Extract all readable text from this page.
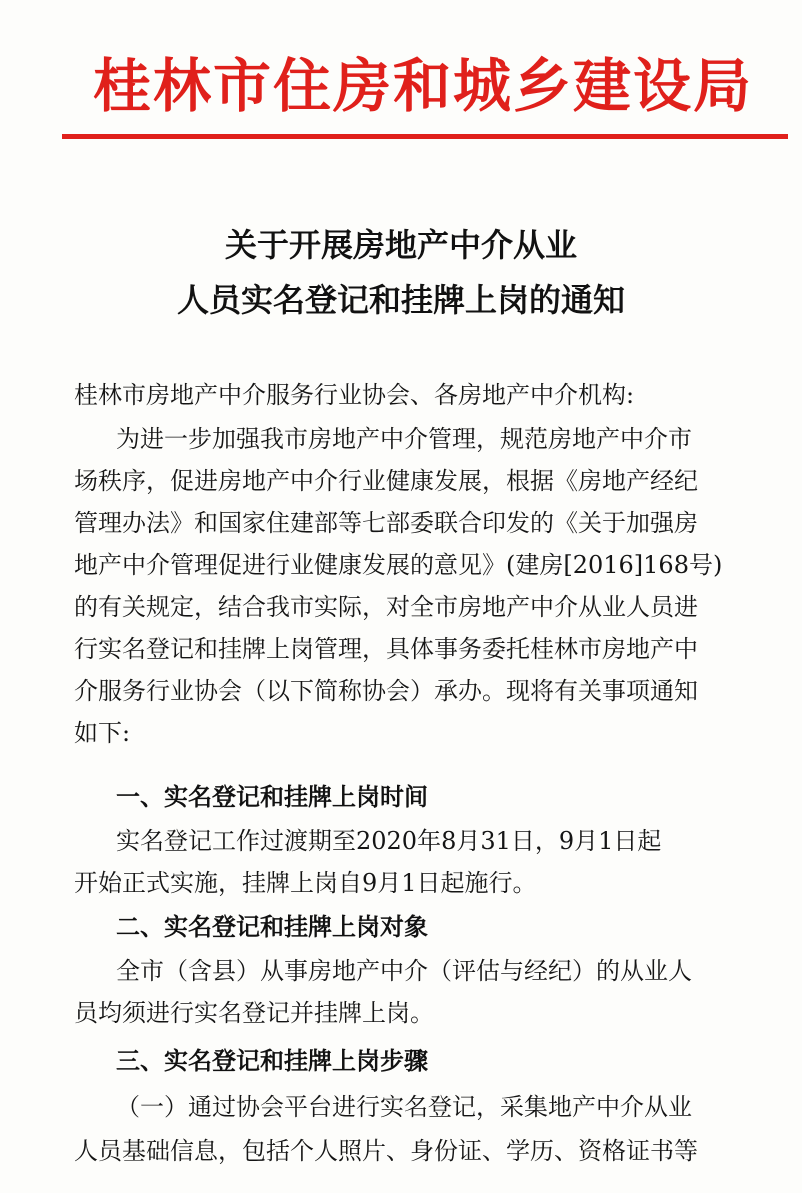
桂林市住房和城乡建设局
关于开展房地产中介从业
人员实名登记和挂牌上岗的通知
桂林市房地产中介服务行业协会、各房地产中介机构:
为进一步加强我市房地产中介管理，规范房地产中介市
场秩序，促进房地产中介行业健康发展，根据《房地产经纪
管理办法》和国家住建部等七部委联合印发的《关于加强房
地产中介管理促进行业健康发展的意见》(建房[2016]168号)
的有关规定，结合我市实际，对全市房地产中介从业人员进
行实名登记和挂牌上岗管理，具体事务委托桂林市房地产中
介服务行业协会（以下简称协会）承办。现将有关事项通知
如下:
一、实名登记和挂牌上岗时间
实名登记工作过渡期至2020年8月31日，9月1日起
开始正式实施，挂牌上岗自9月1日起施行。
二、实名登记和挂牌上岗对象
全市（含县）从事房地产中介（评估与经纪）的从业人
员均须进行实名登记并挂牌上岗。
三、实名登记和挂牌上岗步骤
（一）通过协会平台进行实名登记，采集地产中介从业
人员基础信息，包括个人照片、身份证、学历、资格证书等
